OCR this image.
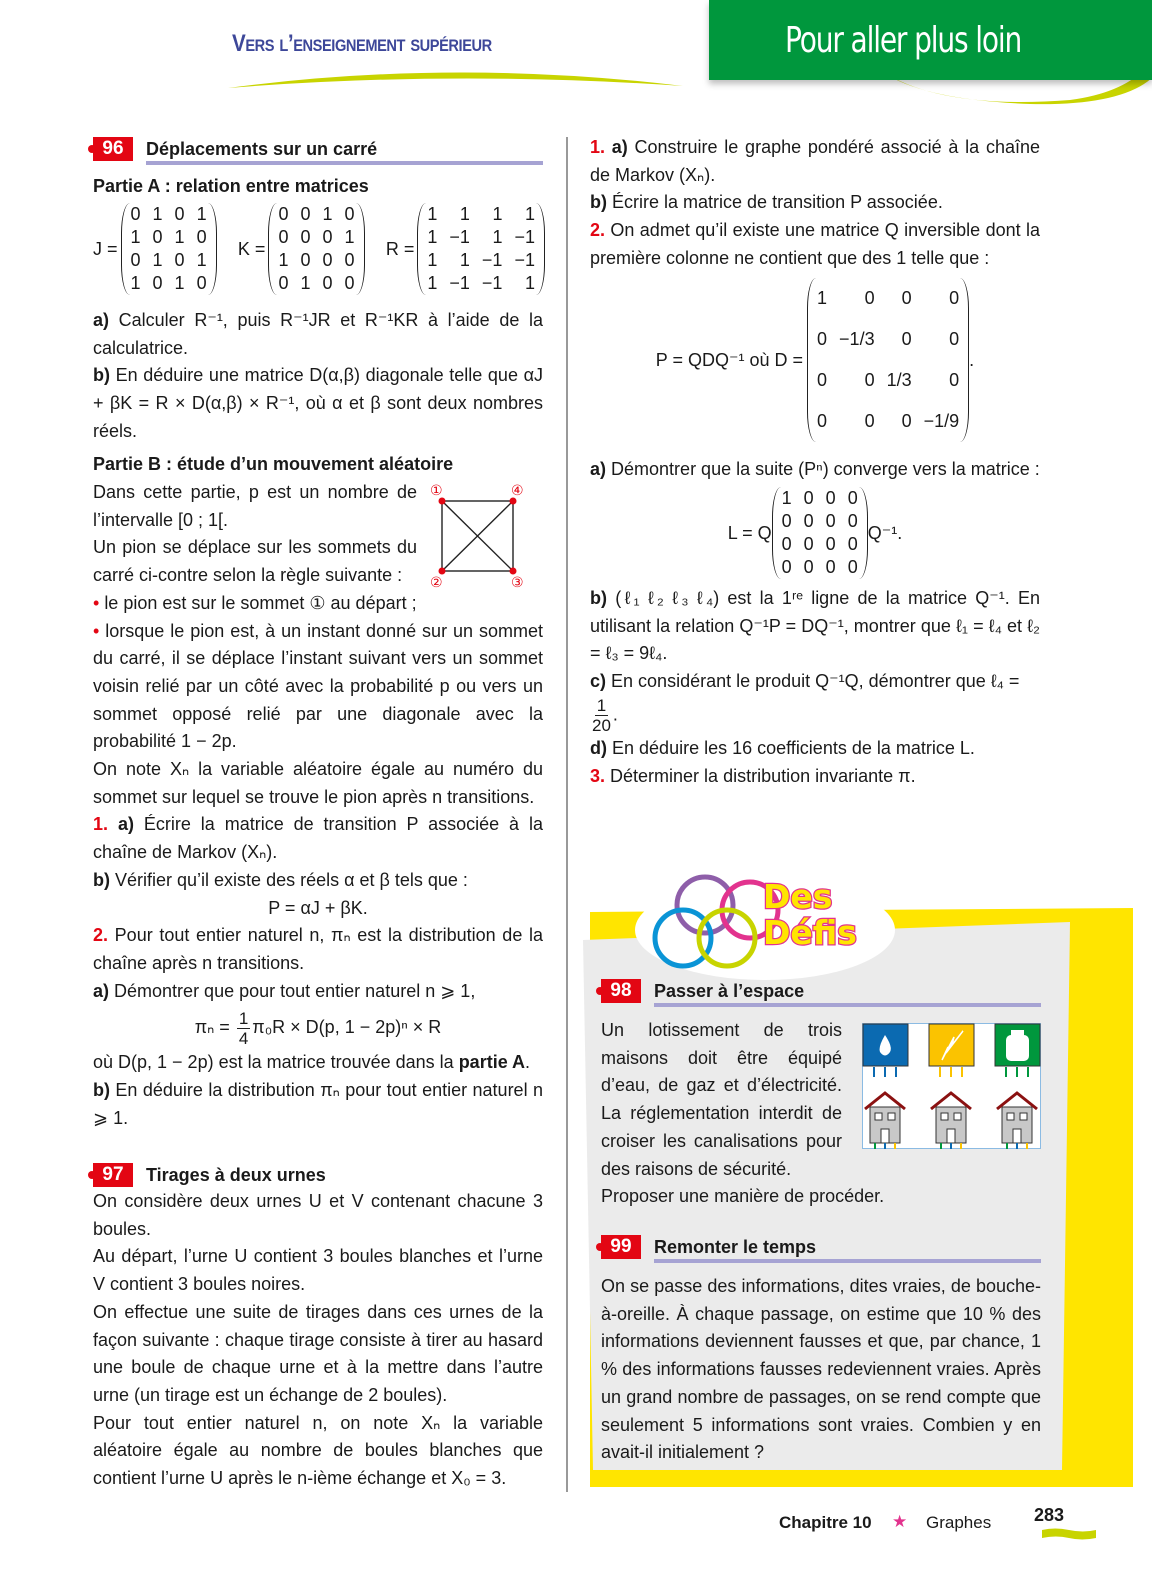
Vers l’enseignement supérieur	Pour aller plus loin
96	Déplacements sur un carré
Partie A : relation entre matrices
J =
0 1 0 1
1 0 1 0
0 1 0 1
1 0 1 0
K =
0 0 1 0
0 0 0 1
1 0 0 0
0 1 0 0
R =
1	1	1	1
1 −1	1 −1
1	1 −1 −1
1 −1 −1	1
a) Calculer R⁻¹, puis R⁻¹JR et R⁻¹KR à l’aide de la calculatrice.
b) En déduire une matrice D(α,β) diagonale telle que αJ + βK = R × D(α,β) × R⁻¹, où α et β sont deux nombres réels.
Partie B : étude d’un mouvement aléatoire
①	④
②	③
Dans cette partie, p est un nombre de l’intervalle [0 ; 1[.
Un pion se déplace sur les sommets du carré ci-contre selon la règle suivante :
• le pion est sur le sommet ① au départ ;
• lorsque le pion est, à un instant donné sur un sommet du carré, il se déplace l’instant suivant vers un sommet voisin relié par un côté avec la probabilité p ou vers un sommet opposé relié par une diagonale avec la probabilité 1 − 2p.
On note Xₙ la variable aléatoire égale au numéro du sommet sur lequel se trouve le pion après n transitions.
1. a) Écrire la matrice de transition P associée à la chaîne de Markov (Xₙ).
b) Vérifier qu’il existe des réels α et β tels que :
P = αJ + βK.
2. Pour tout entier naturel n, πₙ est la distribution de la chaîne après n transitions.
a) Démontrer que pour tout entier naturel n ⩾ 1,
$\pi_n = \frac{1}{4} \pi_0R \times D(p$, 1 − 2p)ⁿ × R
où D(p, 1 − 2p) est la matrice trouvée dans la partie A.
b) En déduire la distribution πₙ pour tout entier naturel n ⩾ 1.
97	Tirages à deux urnes
On considère deux urnes U et V contenant chacune 3 boules.
Au départ, l’urne U contient 3 boules blanches et l’urne V contient 3 boules noires.
On effectue une suite de tirages dans ces urnes de la façon suivante : chaque tirage consiste à tirer au hasard une boule de chaque urne et à la mettre dans l’autre urne (un tirage est un échange de 2 boules).
Pour tout entier naturel n, on note Xₙ la variable aléatoire égale au nombre de boules blanches que contient l’urne U après le n-ième échange et X₀ = 3.
1. a) Construire le graphe pondéré associé à la chaîne de Markov (Xₙ).
b) Écrire la matrice de transition P associée.
2. On admet qu’il existe une matrice Q inversible dont la première colonne ne contient que des 1 telle que :
P = QDQ⁻¹ où D =
1	0	0	0
0 −1/3	0	0
0	0 1/3	0
0	0	0 −1/9
.
a) Démontrer que la suite (Pⁿ) converge vers la matrice :
L = Q
1 0 0 0
0 0 0 0
0 0 0 0
0 0 0 0
Q⁻¹.
b) (ℓ₁ ℓ₂ ℓ₃ ℓ₄) est la 1ʳᵉ ligne de la matrice Q⁻¹. En utilisant la relation Q⁻¹P = DQ⁻¹, montrer que ℓ₁ = ℓ₄ et ℓ₂ = ℓ₃ = 9ℓ₄.
c) En considérant le produit Q⁻¹Q, démontrer que ℓ₄ =
$\frac{1}{20}$ .
d) En déduire les 16 coefficients de la matrice L.
3. Déterminer la distribution invariante π.
Des
Défis
98	Passer à l’espace
Un lotissement de trois maisons doit être équipé d’eau, de gaz et d’électricité. La réglementation interdit de croiser les canalisations pour des raisons de sécurité.
Proposer une manière de procéder.
99	Remonter le temps
On se passe des informations, dites vraies, de bouche-à-oreille. À chaque passage, on estime que 10 % des informations deviennent fausses et que, par chance, 1 % des informations fausses redeviennent vraies. Après un grand nombre de passages, on se rend compte que seulement 5 informations sont vraies. Combien y en avait-il initialement ?
Chapitre 10 ★ Graphes 283
